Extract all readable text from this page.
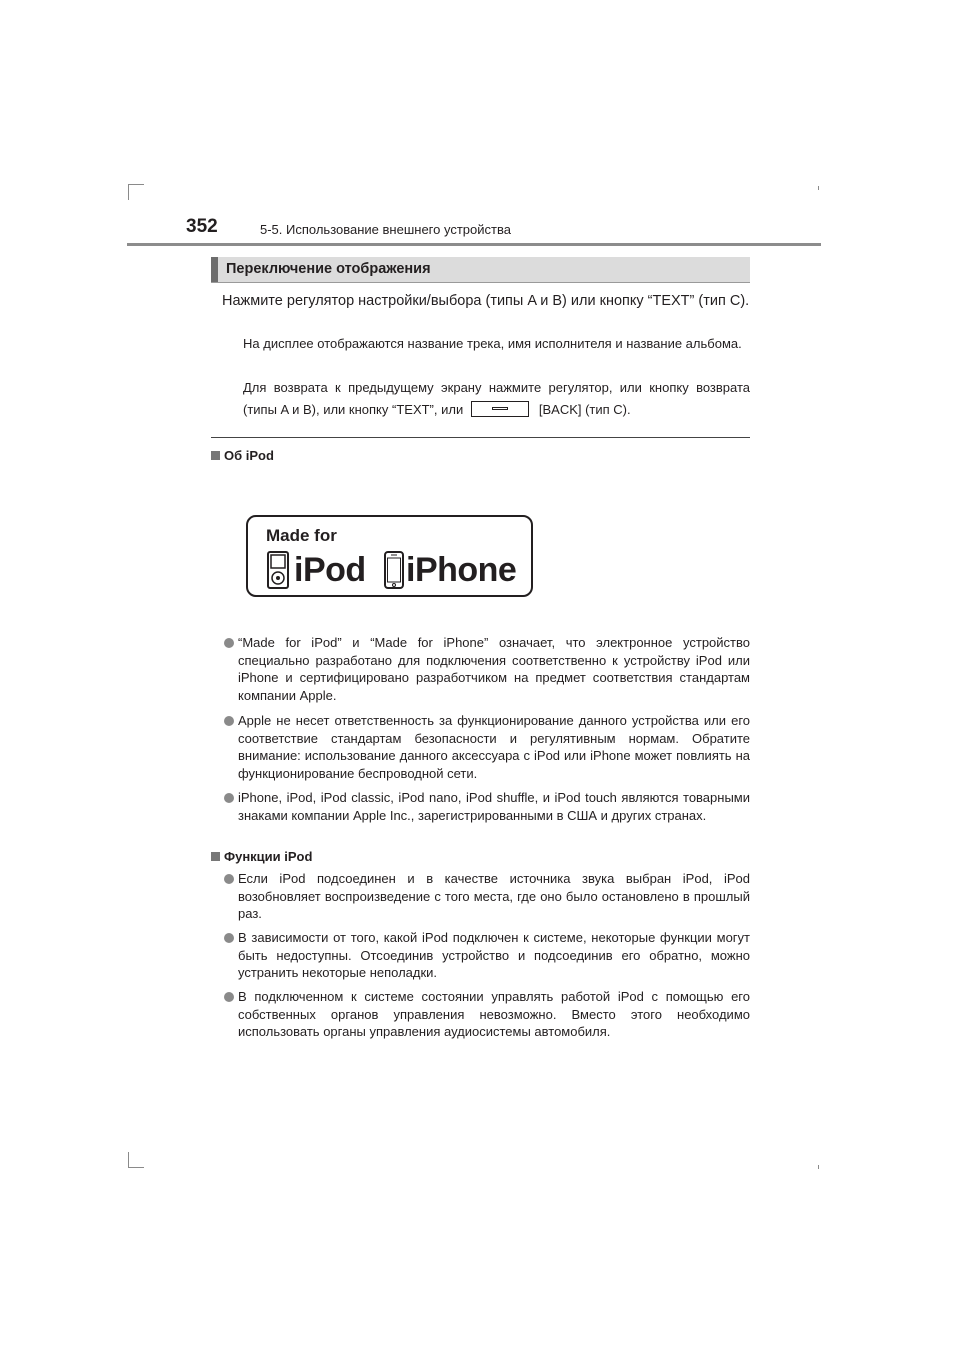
352	5-5. Использование внешнего устройства
Переключение отображения
Нажмите регулятор настройки/выбора (типы A и B) или кнопку “TEXT” (тип C).
На дисплее отображаются название трека, имя исполнителя и название альбома.
Для возврата к предыдущему экрану нажмите регулятор, или кнопку возврата (типы A и B), или кнопку “TEXT”, или	[BACK] (тип C).
Об iPod
Made for
iPod iPhone
“Made for iPod” и “Made for iPhone” означает, что электронное устройство специально разработано для подключения соответственно к устройству iPod или iPhone и сертифицировано разработчиком на предмет соответствия стандартам компании Apple.
Apple не несет ответственность за функционирование данного устройства или его соответствие стандартам безопасности и регулятивным нормам. Обратите внимание: использование данного аксессуара с iPod или iPhone может повлиять на функционирование беспроводной сети.
iPhone, iPod, iPod classic, iPod nano, iPod shuffle, и iPod touch являются товарными знаками компании Apple Inc., зарегистрированными в США и других странах.
Функции iPod
Если iPod подсоединен и в качестве источника звука выбран iPod, iPod возобновляет воспроизведение с того места, где оно было остановлено в прошлый раз.
В зависимости от того, какой iPod подключен к системе, некоторые функции могут быть недоступны. Отсоединив устройство и подсоединив его обратно, можно устранить некоторые неполадки.
В подключенном к системе состоянии управлять работой iPod с помощью его собственных органов управления невозможно. Вместо этого необходимо использовать органы управления аудиосистемы автомобиля.
